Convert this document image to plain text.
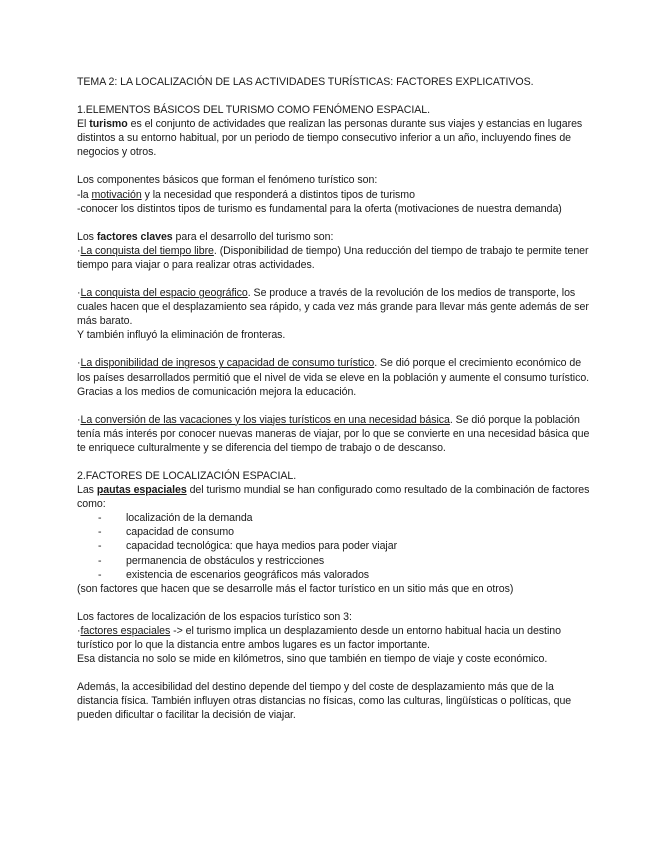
TEMA 2: LA LOCALIZACIÓN DE LAS ACTIVIDADES TURÍSTICAS: FACTORES EXPLICATIVOS.

1.ELEMENTOS BÁSICOS DEL TURISMO COMO FENÓMENO ESPACIAL.

El turismo es el conjunto de actividades que realizan las personas durante sus viajes y estancias en lugares distintos a su entorno habitual, por un periodo de tiempo consecutivo inferior a un año, incluyendo fines de negocios y otros.

Los componentes básicos que forman el fenómeno turístico son:

-la motivación y la necesidad que responderá a distintos tipos de turismo

-conocer los distintos tipos de turismo es fundamental para la oferta (motivaciones de nuestra demanda)

Los factores claves para el desarrollo del turismo son:

·La conquista del tiempo libre. (Disponibilidad de tiempo) Una reducción del tiempo de trabajo te permite tener tiempo para viajar o para realizar otras actividades.

·La conquista del espacio geográfico. Se produce a través de la revolución de los medios de transporte, los cuales hacen que el desplazamiento sea rápido, y cada vez más grande para llevar más gente además de ser más barato.

Y también influyó la eliminación de fronteras.

·La disponibilidad de ingresos y capacidad de consumo turístico. Se dió porque el crecimiento económico de los países desarrollados permitió que el nivel de vida se eleve en la población y aumente el consumo turístico.

Gracias a los medios de comunicación mejora la educación.

·La conversión de las vacaciones y los viajes turísticos en una necesidad básica. Se dió porque la población tenía más interés por conocer nuevas maneras de viajar, por lo que se convierte en una necesidad básica que te enriquece culturalmente y se diferencia del tiempo de trabajo o de descanso.

2.FACTORES DE LOCALIZACIÓN ESPACIAL.

Las pautas espaciales del turismo mundial se han configurado como resultado de la combinación de factores como:

-	localización de la demanda
-	capacidad de consumo
-	capacidad tecnológica: que haya medios para poder viajar
-	permanencia de obstáculos y restricciones
-	existencia de escenarios geográficos más valorados

(son factores que hacen que se desarrolle más el factor turístico en un sitio más que en otros)

Los factores de localización de los espacios turístico son 3:

·factores espaciales -> el turismo implica un desplazamiento desde un entorno habitual hacia un destino turístico por lo que la distancia entre ambos lugares es un factor importante.

Esa distancia no solo se mide en kilómetros, sino que también en tiempo de viaje y coste económico.

Además, la accesibilidad del destino depende del tiempo y del coste de desplazamiento más que de la distancia física. También influyen otras distancias no físicas, como las culturas, lingüísticas o políticas, que pueden dificultar o facilitar la decisión de viajar.
